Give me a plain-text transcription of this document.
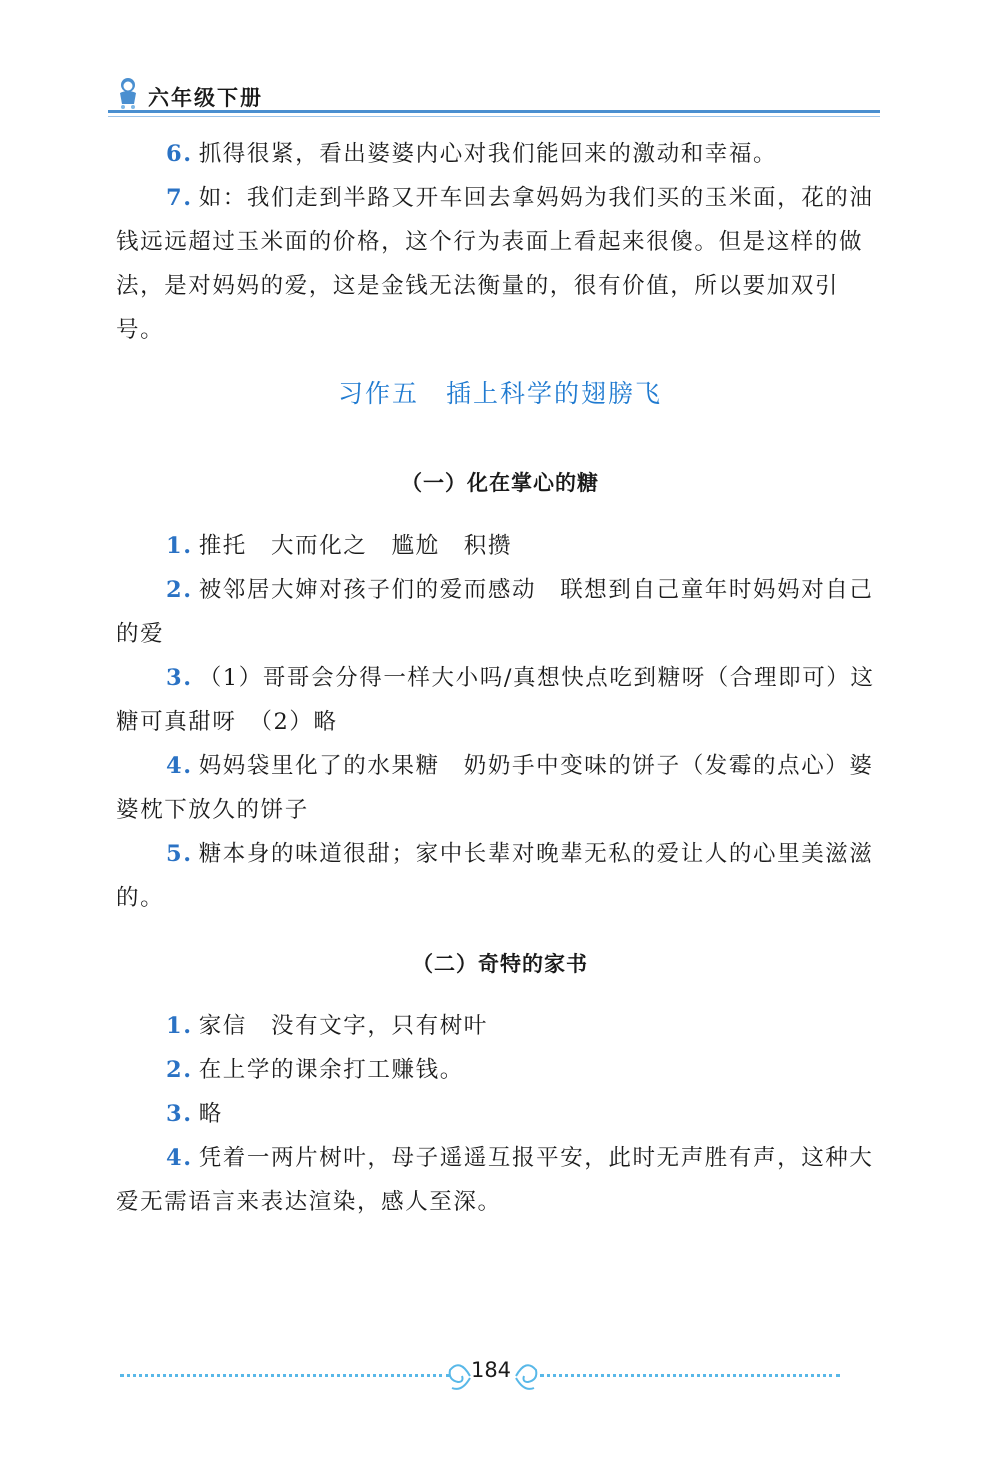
六年级下册

6. 抓得很紧，看出婆婆内心对我们能回来的激动和幸福。

7. 如：我们走到半路又开车回去拿妈妈为我们买的玉米面，花的油钱远远超过玉米面的价格，这个行为表面上看起来很傻。但是这样的做法，是对妈妈的爱，这是金钱无法衡量的，很有价值，所以要加双引号。

习作五　插上科学的翅膀飞
（一）化在掌心的糖

1. 推托　大而化之　尴尬　积攒

2. 被邻居大婶对孩子们的爱而感动　联想到自己童年时妈妈对自己的爱

3. （1）哥哥会分得一样大小吗/真想快点吃到糖呀（合理即可）这糖可真甜呀　（2）略

4. 妈妈袋里化了的水果糖　奶奶手中变味的饼子（发霉的点心）婆婆枕下放久的饼子

5. 糖本身的味道很甜；家中长辈对晚辈无私的爱让人的心里美滋滋的。

（二）奇特的家书

1. 家信　没有文字，只有树叶

2. 在上学的课余打工赚钱。

3. 略

4. 凭着一两片树叶，母子遥遥互报平安，此时无声胜有声，这种大爱无需语言来表达渲染，感人至深。

184
